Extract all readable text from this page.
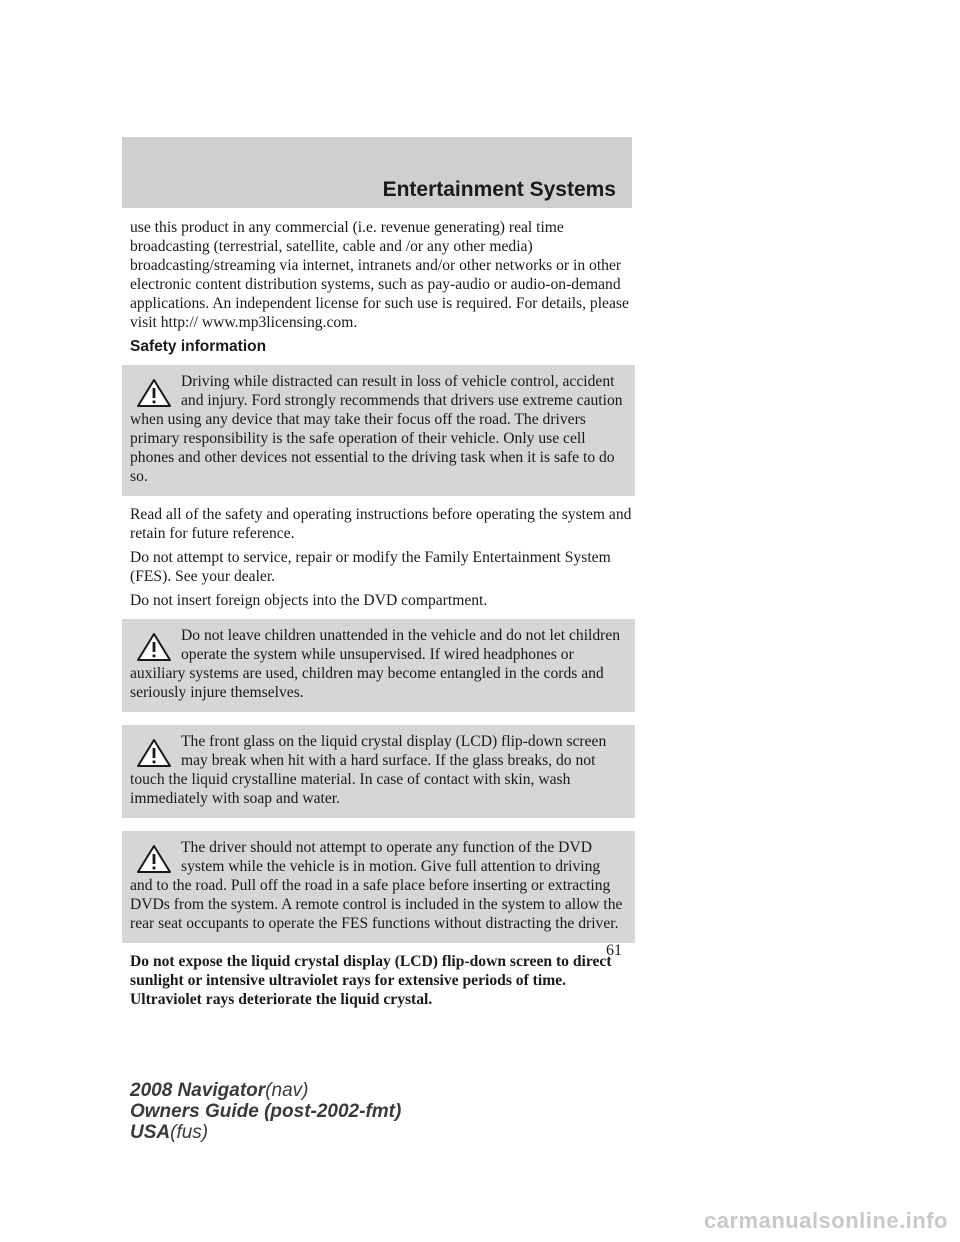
Entertainment Systems

use this product in any commercial (i.e. revenue generating) real time broadcasting (terrestrial, satellite, cable and /or any other media) broadcasting/streaming via internet, intranets and/or other networks or in other electronic content distribution systems, such as pay-audio or audio-on-demand applications. An independent license for such use is required. For details, please visit http:// www.mp3licensing.com.

Safety information
Driving while distracted can result in loss of vehicle control, accident and injury. Ford strongly recommends that drivers use extreme caution when using any device that may take their focus off the road. The drivers primary responsibility is the safe operation of their vehicle. Only use cell phones and other devices not essential to the driving task when it is safe to do so.

Read all of the safety and operating instructions before operating the system and retain for future reference.

Do not attempt to service, repair or modify the Family Entertainment System (FES). See your dealer.

Do not insert foreign objects into the DVD compartment.

Do not leave children unattended in the vehicle and do not let children operate the system while unsupervised. If wired headphones or auxiliary systems are used, children may become entangled in the cords and seriously injure themselves.
The front glass on the liquid crystal display (LCD) flip-down screen may break when hit with a hard surface. If the glass breaks, do not touch the liquid crystalline material. In case of contact with skin, wash immediately with soap and water.
The driver should not attempt to operate any function of the DVD system while the vehicle is in motion. Give full attention to driving and to the road. Pull off the road in a safe place before inserting or extracting DVDs from the system. A remote control is included in the system to allow the rear seat occupants to operate the FES functions without distracting the driver.

Do not expose the liquid crystal display (LCD) flip-down screen to direct sunlight or intensive ultraviolet rays for extensive periods of time. Ultraviolet rays deteriorate the liquid crystal.

61
2008 Navigator(nav)
Owners Guide (post-2002-fmt)
USA(fus)
carmanualsonline.info
